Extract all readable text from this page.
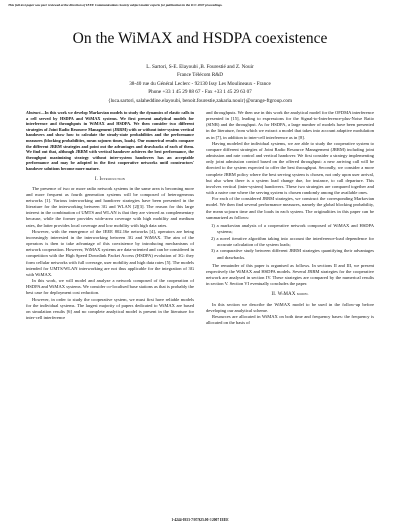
This full text paper was peer reviewed at the direction of IEEE Communications Society subject matter experts for publication in the ICC 2007 proceedings.
On the WiMAX and HSDPA coexistence
L. Sartori, S-E. Elayoubi ,B. Fourestié and Z. Nouir
France Télécom R&D
38-40 rue du Général Leclerc - 92130 Issy Les Moulineaux - France
Phone +33 1 45 29 88 67 - Fax +33 1 45 29 63 07
{luca.sartori, salaheddine.elayoubi, benoit.fourestie,zakaria.nouir}@orange-ftgroup.com

Abstract—In this work we develop Markovian models to study the dynamics of elastic calls in a cell served by HSDPA and WiMAX systems. We first present analytical models for interference and throughputs in WiMAX and HSDPA. We then consider two different strategies of Joint Radio Resource Management (JRRM) with or without inter-system vertical handovers and show how to calculate the steady-state probabilities and the performance measures (blocking probabilities, mean sojourn times, loads). Our numerical results compare the different JRRM strategies and point out the advantages and drawbacks of each of them. We find out that, although JRRM with vertical handover achieves the best performance, the throughput maximizing strategy without inter-system handovers has an acceptable performance and may be adopted in the first cooperative networks until constructors' handover solutions become more mature.

I. Introduction

The presence of two or more radio network systems in the same area is becoming more and more frequent as fourth generation systems will be composed of heterogeneous networks [1]. Various interworking and handover strategies have been presented in the literature for the interworking between 3G and WLAN [2][3]. The reason for this large interest in the combination of UMTS and WLAN is that they are viewed as complementary because, while the former provides wide-area coverage with high mobility and medium rates, the latter provides local coverage and low mobility with high data rates.

However, with the emergence of the IEEE 802.16e networks [4], operators are being increasingly interested in the interworking between 3G and WiMAX. The aim of the operators is then to take advantage of this coexistence by introducing mechanisms of network cooperation. However, WiMAX systems are data-oriented and can be considered in competition with the High Speed Downlink Packet Access (HSDPA) evolution of 3G: they form cellular networks with full coverage, user mobility and high data rates [5]. The models intended for UMTS/WLAN interworking are not thus applicable for the integration of 3G with WiMAX.

In this work, we will model and analyze a network composed of the cooperation of HSDPA and WiMAX systems. We consider co-localised base stations as that is probably the best case for deployment cost reduction.

However, in order to study the cooperative system, we must first have reliable models for the individual systems. The largest majority of papers dedicated to WiMAX are based on simulation results [6] and no complete analytical model is present in the literature for inter-cell interference

and throughputs. We then use in this work the analytical model for the OFDMA interference presented in [15], leading to expressions for the Signal-to-Interference-plus-Noise Ratio (SINR) and the throughput. As for HSDPA, a large number of models have been presented in the literature, from which we extract a model that takes into account adaptive modulation as in [7], in addition to inter-cell interference as in [8].

Having modeled the individual systems, we are able to study the cooperative system to compare different strategies of Joint Radio Resource Management (JRRM) including joint admission and rate control and vertical handover. We first consider a strategy implementing only joint admission control based on the offered throughput: a new arriving call will be directed to the system expected to offer the best throughput. Secondly, we consider a more complete JRRM policy where the best serving system is chosen, not only upon user arrival, but also when there is a system load change due, for instance, to call departure. This involves vertical (inter-system) handovers. These two strategies are compared together and with a naive one where the serving system is chosen randomly among the available ones.

For each of the considered JRRM strategies, we construct the corresponding Markovian model. We then find several performance measures, namely the global blocking probability, the mean sojourn time and the loads in each system. The originalities in this paper can be summarized as follows:

1) a markovian analysis of a cooperative network composed of WiMAX and HSDPA systems;
2) a novel iterative algorithm taking into account the interference-load dependence for accurate calculation of the system loads;
3) a comparative study between different JRRM strategies quantifying their advantages and drawbacks.

The remainder of this paper is organised as follows. In sections II and III, we present respectively the WiMAX and HSDPA models. Several JRRM strategies for the cooperative network are analysed in section IV. These strategies are compared by the numerical results in section V. Section VI eventually concludes the paper.

II. WiMAX model

In this section we describe the WiMAX model to be used in the follow-up before developing our analytical scheme.

Resources are allocated in WiMAX on both time and frequency bases: the frequency is allocated on the basis of

1-4244-0353-7/07/$25.00 ©2007 IEEE
